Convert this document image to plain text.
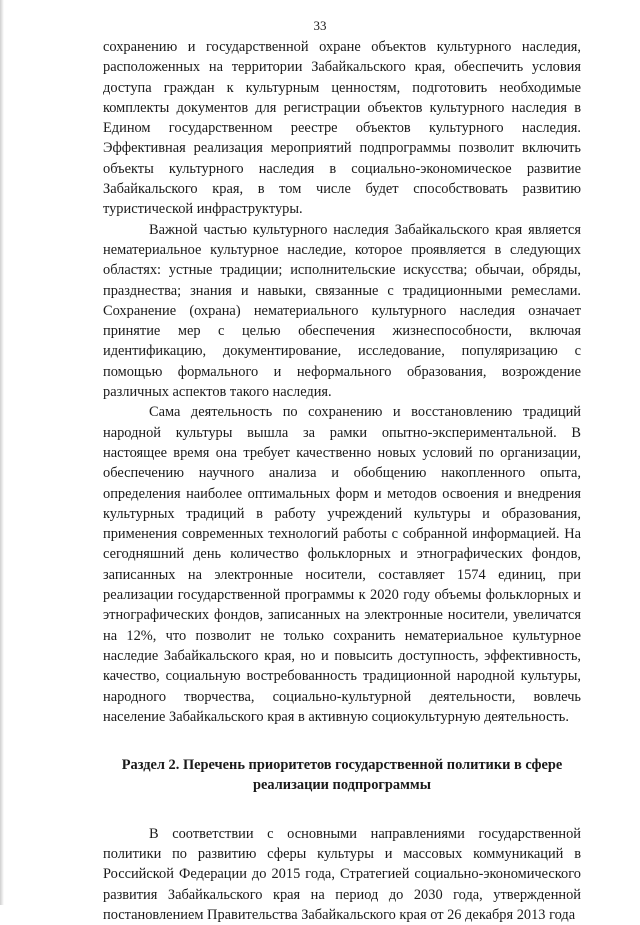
33

сохранению и государственной охране объектов культурного наследия, расположенных на территории Забайкальского края, обеспечить условия доступа граждан к культурным ценностям, подготовить необходимые комплекты документов для регистрации объектов культурного наследия в Едином государственном реестре объектов культурного наследия. Эффективная реализация мероприятий подпрограммы позволит включить объекты культурного наследия в социально-экономическое развитие Забайкальского края, в том числе будет способствовать развитию туристической инфраструктуры.

Важной частью культурного наследия Забайкальского края является нематериальное культурное наследие, которое проявляется в следующих областях: устные традиции; исполнительские искусства; обычаи, обряды, празднества; знания и навыки, связанные с традиционными ремеслами. Сохранение (охрана) нематериального культурного наследия означает принятие мер с целью обеспечения жизнеспособности, включая идентификацию, документирование, исследование, популяризацию с помощью формального и неформального образования, возрождение различных аспектов такого наследия.

Сама деятельность по сохранению и восстановлению традиций народной культуры вышла за рамки опытно-экспериментальной. В настоящее время она требует качественно новых условий по организации, обеспечению научного анализа и обобщению накопленного опыта, определения наиболее оптимальных форм и методов освоения и внедрения культурных традиций в работу учреждений культуры и образования, применения современных технологий работы с собранной информацией. На сегодняшний день количество фольклорных и этнографических фондов, записанных на электронные носители, составляет 1574 единиц, при реализации государственной программы к 2020 году объемы фольклорных и этнографических фондов, записанных на электронные носители, увеличатся на 12%, что позволит не только сохранить нематериальное культурное наследие Забайкальского края, но и повысить доступность, эффективность, качество, социальную востребованность традиционной народной культуры, народного творчества, социально-культурной деятельности, вовлечь население Забайкальского края в активную социокультурную деятельность.

Раздел 2. Перечень приоритетов государственной политики в сфере реализации подпрограммы

В соответствии с основными направлениями государственной политики по развитию сферы культуры и массовых коммуникаций в Российской Федерации до 2015 года, Стратегией социально-экономического развития Забайкальского края на период до 2030 года, утвержденной постановлением Правительства Забайкальского края от 26 декабря 2013 года
